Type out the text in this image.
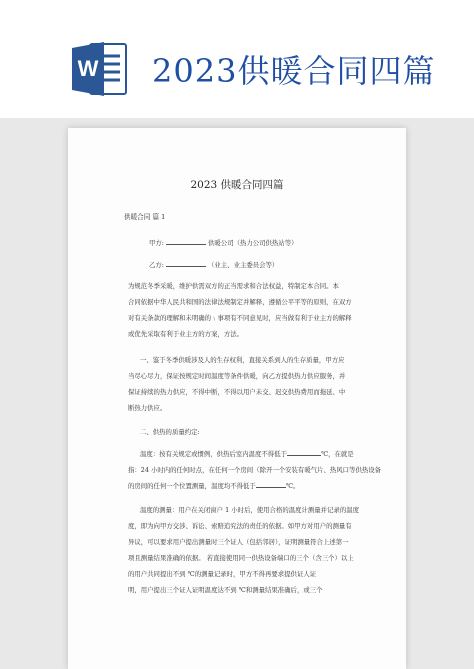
W 2023供暖合同四篇
2023 供暖合同四篇
供暖合同 篇 1
甲方:	供暖公司（热力公司供热站等）
乙方:	（业主、业主委员会等）
为规范冬季采暖，维护供需双方的正当需求和合法权益，特制定本合同。本
合同依据中华人民共和国的法律法规制定并解释，遵循公平平等的原则，在双方
对有关条款的理解和未明确的﹨事项有不同意见时，应当做有利于业主方的解释
或优先采取有利于业主方的方案，方法。
一、鉴于冬季供暖涉及人的生存权利，直接关系到人的生存质量，甲方应
当尽心尽力，保证按规定时间温度等条件供暖，向乙方提供热力供应服务，并
保证持续的热力供应，不得中断，不得以用户未交、迟交供热费用而拖延、中
断热力供应。
二、供热的质量约定:
温度：按有关规定或惯例，供热后室内温度不得低于	℃，在就是
指：24 小时内的任何时点，在任何一个房间（除开一个安装有暖气片、热风口等供热设备
的房间的任何一个位置测量，温度均不得低于	℃。
温度的测量：用户在关闭窗户 1 小时后，使用合格的温度计测量并记录的温度
度，即为向甲方交涉、诉讼、索赔追究法的责任的依据。如甲方对用户的测量有
异议，可以要求用户提出测量时三个证人（包括邻居），证明测量符合上述第一
项且测量结果准确的依据。 若直接使用同一供热设备端口的三个（含三个）以上
的用户共同提出不到 ℃的测量记录时，甲方不得再要求提供证人证
明，用户提出三个证人证明温度达不到 ℃和测量结果准确后，或三个
